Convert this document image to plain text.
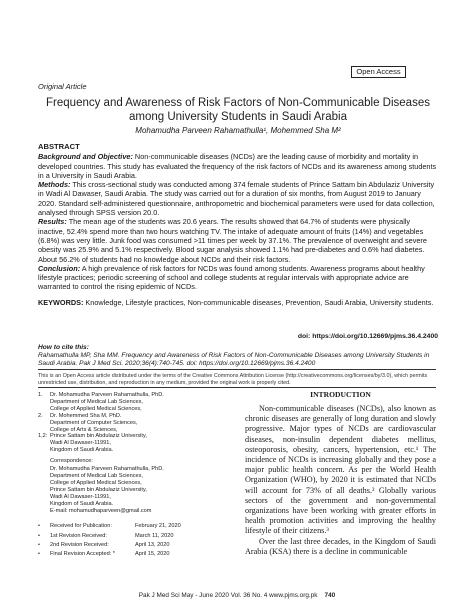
Open Access
Original Article
Frequency and Awareness of Risk Factors of Non-Communicable Diseases among University Students in Saudi Arabia
Mohamudha Parveen Rahamathulla¹, Mohemmed Sha M²
ABSTRACT

Background and Objective: Non-communicable diseases (NCDs) are the leading cause of morbidity and mortality in developed countries. This study has evaluated the frequency of the risk factors of NCDs and its awareness among students in a University in Saudi Arabia.

Methods: This cross-sectional study was conducted among 374 female students of Prince Sattam bin Abdulaziz University in Wadi Al Dawaser, Saudi Arabia. The study was carried out for a duration of six months, from August 2019 to January 2020. Standard self-administered questionnaire, anthropometric and biochemical parameters were used for data collection, analysed through SPSS version 20.0.

Results: The mean age of the students was 20.6 years. The results showed that 64.7% of students were physically inactive, 52.4% spend more than two hours watching TV. The intake of adequate amount of fruits (14%) and vegetables (6.8%) was very little. Junk food was consumed >11 times per week by 37.1%. The prevalence of overweight and severe obesity was 25.9% and 5.1% respectively. Blood sugar analysis showed 1.1% had pre-diabetes and 0.6% had diabetes. About 56.2% of students had no knowledge about NCDs and their risk factors.

Conclusion: A high prevalence of risk factors for NCDs was found among students. Awareness programs about healthy lifestyle practices; periodic screening of school and college students at regular intervals with appropriate advice are warranted to control the rising epidemic of NCDs.

KEYWORDS: Knowledge, Lifestyle practices, Non-communicable diseases, Prevention, Saudi Arabia, University students.

doi: https://doi.org/10.12669/pjms.36.4.2400
How to cite this:
Rahamathulla MP, Sha MM. Frequency and Awareness of Risk Factors of Non-Communicable Diseases among University Students in Saudi Arabia. Pak J Med Sci. 2020;36(4):740-745. doi: https://doi.org/10.12669/pjms.36.4.2400
This is an Open Access article distributed under the terms of the Creative Commons Attribution License (http://creativecommons.org/licenses/by/3.0), which permits unrestricted use, distribution, and reproduction in any medium, provided the original work is properly cited.
1.	Dr. Mohamudha Parveen Rahamathulla, PhD.
Department of Medical Lab Sciences,
College of Applied Medical Sciences,
2.	Dr. Mohemmed Sha M, PhD.
Department of Computer Sciences,
College of Arts & Sciences,
1,2: Prince Sattam bin Abdulaziz University,
Wadi Al Dawaser-11991,
Kingdom of Saudi Arabia.
Correspondence:
Dr. Mohamudha Parveen Rahamathulla, PhD.
Department of Medical Lab Sciences,
College of Applied Medical Sciences,
Prince Sattam bin Abdulaziz University,
Wadi Al Dawaser-11991,
Kingdom of Saudi Arabia.
E-mail: mohamudhaparveen@gmail.com
•	Received for Publication:	February 21, 2020
•	1st Revision Received:	March 11, 2020
•	2nd Revision Received:	April 13, 2020
•	Final Revision Accepted: *	April 15, 2020
INTRODUCTION

Non-communicable diseases (NCDs), also known as chronic diseases are generally of long duration and slowly progressive. Major types of NCDs are cardiovascular diseases, non-insulin dependent diabetes mellitus, osteoporosis, obesity, cancers, hypertension, etc.¹ The incidence of NCDs is increasing globally and they pose a major public health concern. As per the World Health Organization (WHO), by 2020 it is estimated that NCDs will account for 73% of all deaths.² Globally various sectors of the government and non-governmental organizations have been working with greater efforts in health promotion activities and improving the healthy lifestyle of their citizens.³

Over the last three decades, in the Kingdom of Saudi Arabia (KSA) there is a decline in communicable

Pak J Med Sci May - June 2020 Vol. 36 No. 4 www.pjms.org.pk 740
